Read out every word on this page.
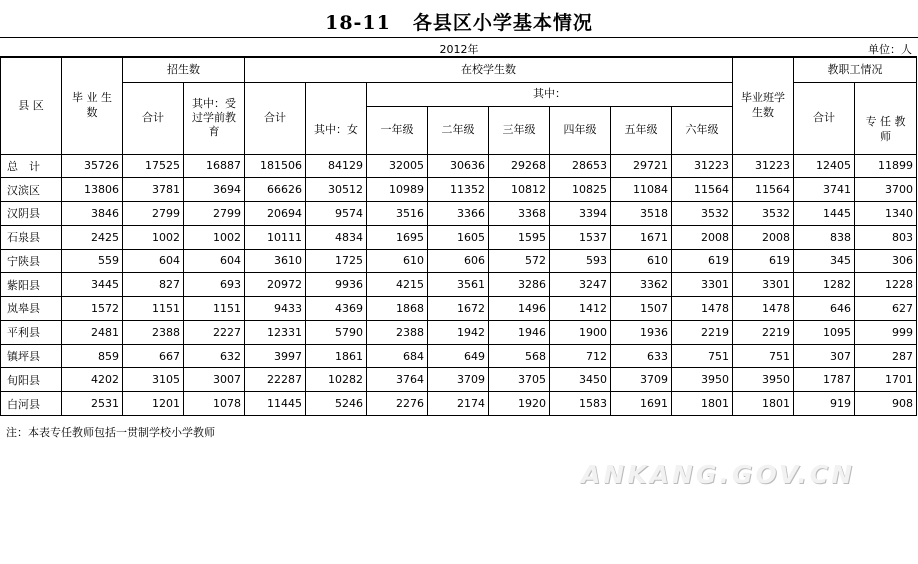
18-11 各县区小学基本情况
2012年	单位：人
县 区	毕 业 生 数	招生数		在校学生数								毕业班学生数	教职工情况	
		合计	其中：受过学前教育	合计		其中：							合计	
					其中：女	一年级	二年级	三年级	四年级	五年级	六年级			专 任 教 师
总　计	35726	17525	16887	181506	84129	32005	30636	29268	28653	29721	31223	31223	12405	11899
汉滨区	13806	3781	3694	66626	30512	10989	11352	10812	10825	11084	11564	11564	3741	3700
汉阴县	3846	2799	2799	20694	9574	3516	3366	3368	3394	3518	3532	3532	1445	1340
石泉县	2425	1002	1002	10111	4834	1695	1605	1595	1537	1671	2008	2008	838	803
宁陕县	559	604	604	3610	1725	610	606	572	593	610	619	619	345	306
紫阳县	3445	827	693	20972	9936	4215	3561	3286	3247	3362	3301	3301	1282	1228
岚皋县	1572	1151	1151	9433	4369	1868	1672	1496	1412	1507	1478	1478	646	627
平利县	2481	2388	2227	12331	5790	2388	1942	1946	1900	1936	2219	2219	1095	999
镇坪县	859	667	632	3997	1861	684	649	568	712	633	751	751	307	287
旬阳县	4202	3105	3007	22287	10282	3764	3709	3705	3450	3709	3950	3950	1787	1701
白河县	2531	1201	1078	11445	5246	2276	2174	1920	1583	1691	1801	1801	919	908
注：本表专任教师包括一贯制学校小学教师
ANKANG.GOV.CN
